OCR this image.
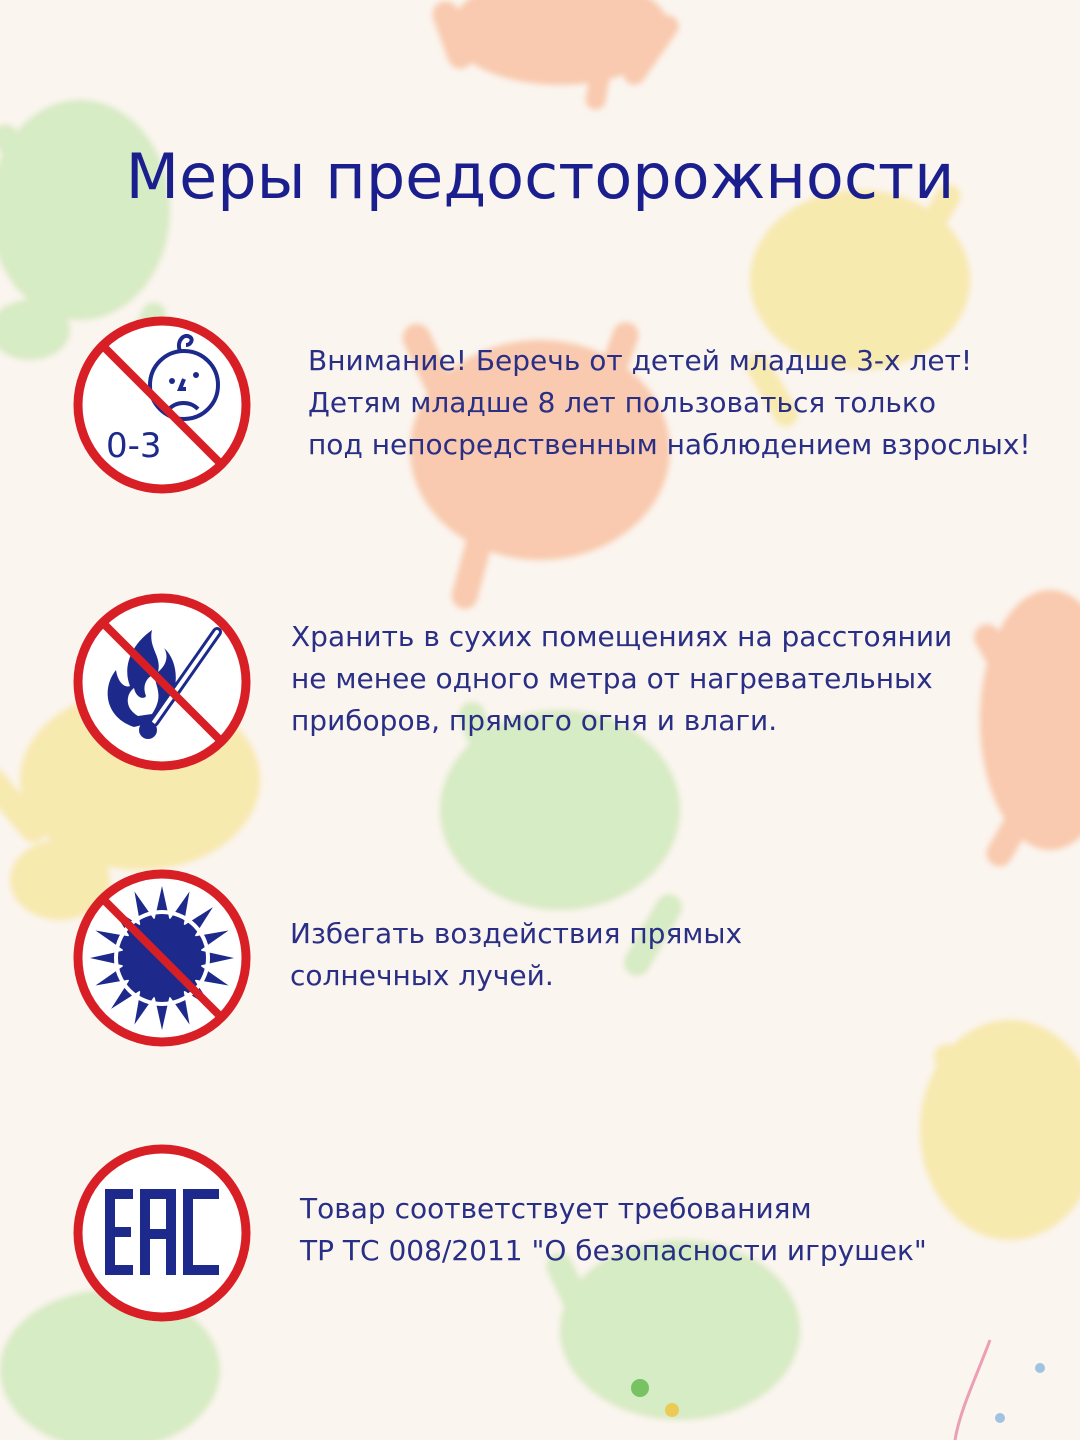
Меры предосторожности
0-3
Внимание! Беречь от детей младше 3-х лет!
Детям младше 8 лет пользоваться только
под непосредственным наблюдением взрослых!
Хранить в сухих помещениях на расстоянии
не менее одного метра от нагревательных
приборов, прямого огня и влаги.
Избегать воздействия прямых
солнечных лучей.
Товар соответствует требованиям
ТР ТС 008/2011 "О безопасности игрушек"
